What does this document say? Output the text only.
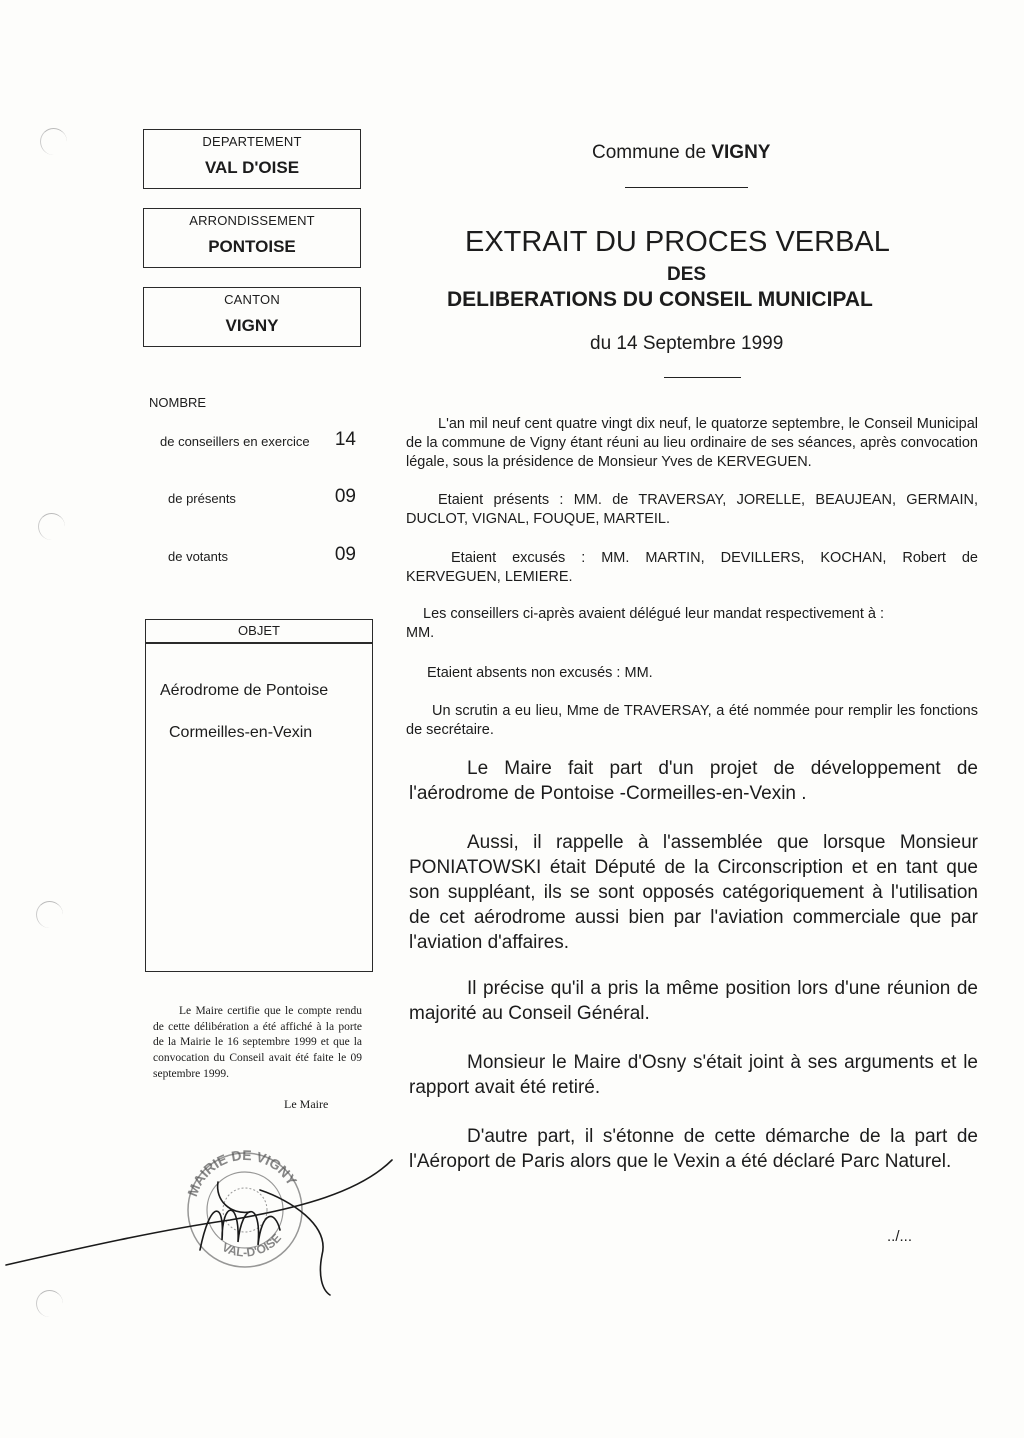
DEPARTEMENT
VAL D'OISE
ARRONDISSEMENT
PONTOISE
CANTON
VIGNY
NOMBRE
de conseillers en exercice 14
de présents	09
de votants	09
OBJET
Aérodrome de Pontoise
Cormeilles-en-Vexin
Le Maire certifie que le compte rendu de cette délibération a été affiché à la porte de la Mairie le 16 septembre 1999 et que la convocation du Conseil avait été faite le 09 septembre 1999.
Le Maire
MAIRIE DE VIGNY
VAL-D'OISE
Commune de VIGNY
EXTRAIT DU PROCES VERBAL
DES
DELIBERATIONS DU CONSEIL MUNICIPAL
du 14 Septembre 1999
L'an mil neuf cent quatre vingt dix neuf, le quatorze septembre, le Conseil Municipal de la commune de Vigny étant réuni au lieu ordinaire de ses séances, après convocation légale, sous la présidence de Monsieur Yves de KERVEGUEN.
Etaient présents : MM. de TRAVERSAY, JORELLE, BEAUJEAN, GERMAIN, DUCLOT, VIGNAL, FOUQUE, MARTEIL.
Etaient excusés : MM. MARTIN, DEVILLERS, KOCHAN, Robert de KERVEGUEN, LEMIERE.
Les conseillers ci-après avaient délégué leur mandat respectivement à : MM.
Etaient absents non excusés : MM.
Un scrutin a eu lieu, Mme de TRAVERSAY, a été nommée pour remplir les fonctions de secrétaire.
Le Maire fait part d'un projet de développement de l'aérodrome de Pontoise -Cormeilles-en-Vexin .
Aussi, il rappelle à l'assemblée que lorsque Monsieur PONIATOWSKI était Député de la Circonscription et en tant que son suppléant, ils se sont opposés catégoriquement à l'utilisation de cet aérodrome aussi bien par l'aviation commerciale que par l'aviation d'affaires.
Il précise qu'il a pris la même position lors d'une réunion de majorité au Conseil Général.
Monsieur le Maire d'Osny s'était joint à ses arguments et le rapport avait été retiré.
D'autre part, il s'étonne de cette démarche de la part de l'Aéroport de Paris alors que le Vexin a été déclaré Parc Naturel.
../...
